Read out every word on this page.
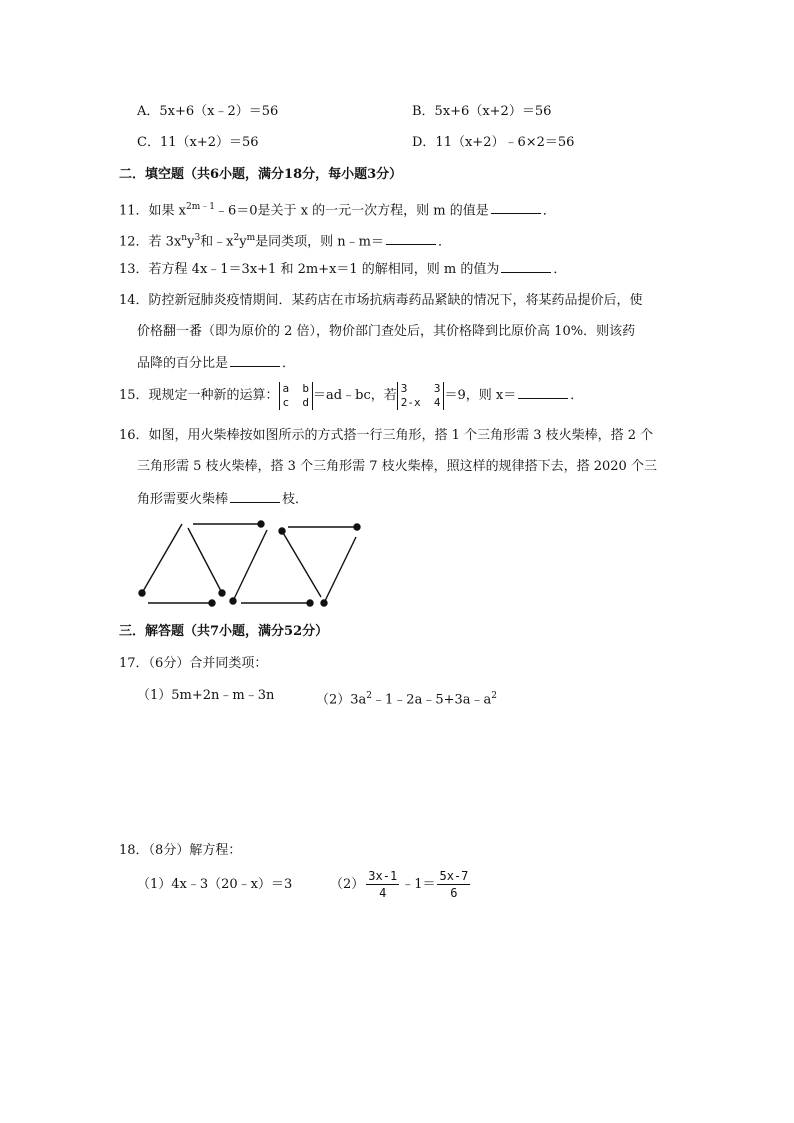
A．5x+6（x﹣2）＝56	B．5x+6（x+2）＝56
C．11（x+2）＝56	D．11（x+2）﹣6×2＝56
二．填空题（共6小题，满分18分，每小题3分）
11．如果 $x^{2m﹣1}﹣6=0$是关于 x 的一元一次方程，则 m 的值是	．
12．若 $3x^ny^3$和$﹣x^2y^m$是同类项，则 n﹣m＝	．
13．若方程 4x﹣1＝3x+1 和 2m+x＝1 的解相同，则 m 的值为	．
14．防控新冠肺炎疫情期间．某药店在市场抗病毒药品紧缺的情况下，将某药品提价后，使
价格翻一番（即为原价的 2 倍），物价部门查处后，其价格降到比原价高 10%．则该药
品降的百分比是	．
15．现规定一种新的运算： a  b
c  d ＝ad﹣bc，若 3    3
2-x  4 ＝9，则 x＝	．
16．如图，用火柴棒按如图所示的方式搭一行三角形，搭 1 个三角形需 3 枝火柴棒，搭 2 个
三角形需 5 枝火柴棒，搭 3 个三角形需 7 枝火柴棒，照这样的规律搭下去，搭 2020 个三
角形需要火柴棒	枝．
三．解答题（共7小题，满分52分）
17．（6分）合并同类项：
（1）5m+2n﹣m﹣3n	$(2)3a^2﹣1﹣2a﹣5+3a﹣a^2$
18．（8分）解方程：
（1）4x﹣3（20﹣x）＝3	$(2) \frac{3x-1}{4}$ ﹣1＝ $\frac{5x-7}{6}$
